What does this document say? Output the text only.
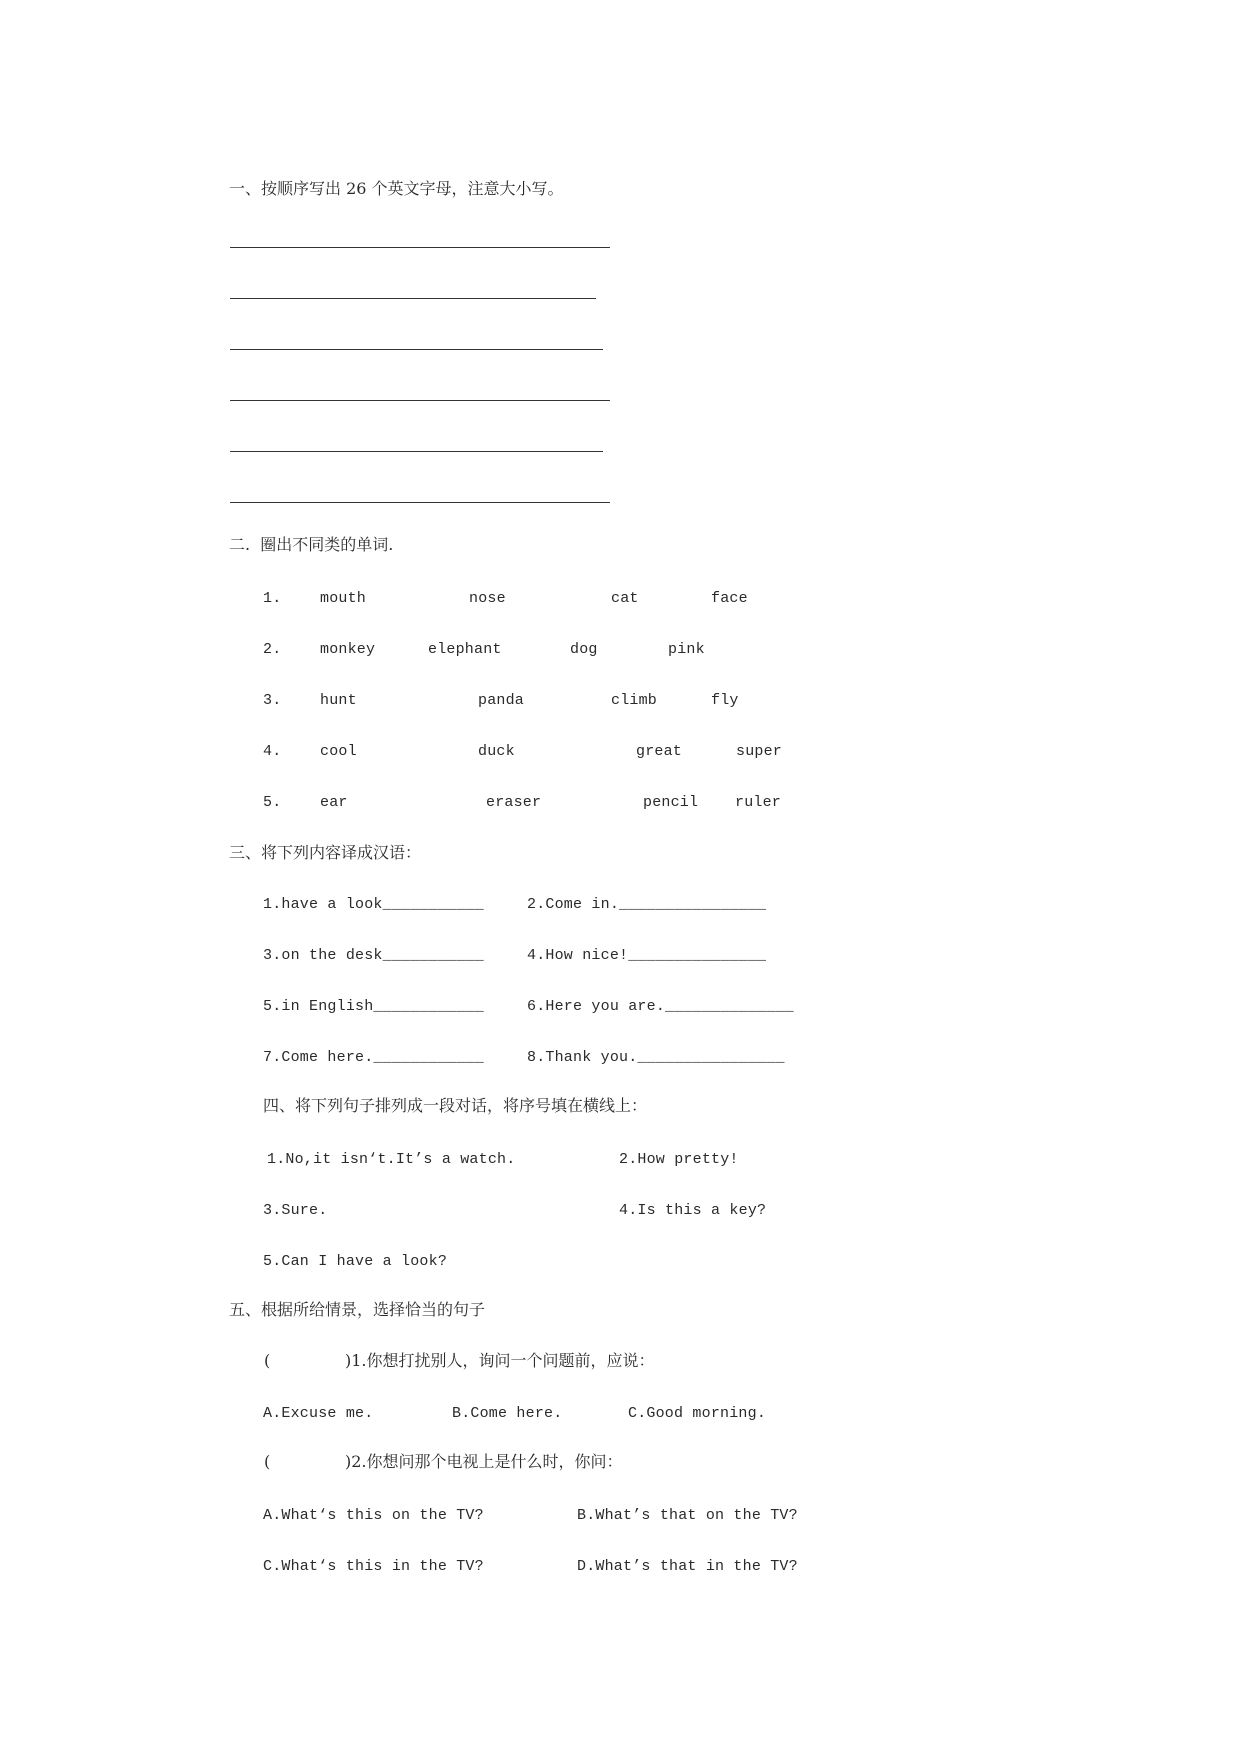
一、按顺序写出 26 个英文字母，注意大小写。
二.  圈出不同类的单词.
1.	mouth	nose	cat	face
2.	monkey	elephant	dog	pink
3.	hunt	panda	climb	fly
4.	cool	duck	great	super
5.	ear	eraser	pencil ruler
三、将下列内容译成汉语：
1.have a look___________	2.Come in.________________
3.on the desk___________	4.How nice!_______________
5.in English____________	6.Here you are.______________
7.Come here.____________	8.Thank you.________________
四、将下列句子排列成一段对话，将序号填在横线上：
1.No,it isn‘t.It’s a watch.	2.How pretty!
3.Sure.	4.Is this a key?
5.Can I have a look?
五、根据所给情景，选择恰当的句子
(	)1.你想打扰别人，询问一个问题前，应说：
A.Excuse me.	B.Come here.	C.Good morning.
(	)2.你想问那个电视上是什么时，你问：
A.What‘s this on the TV?	B.What’s that on the TV?
C.What‘s this in the TV?	D.What’s that in the TV?
